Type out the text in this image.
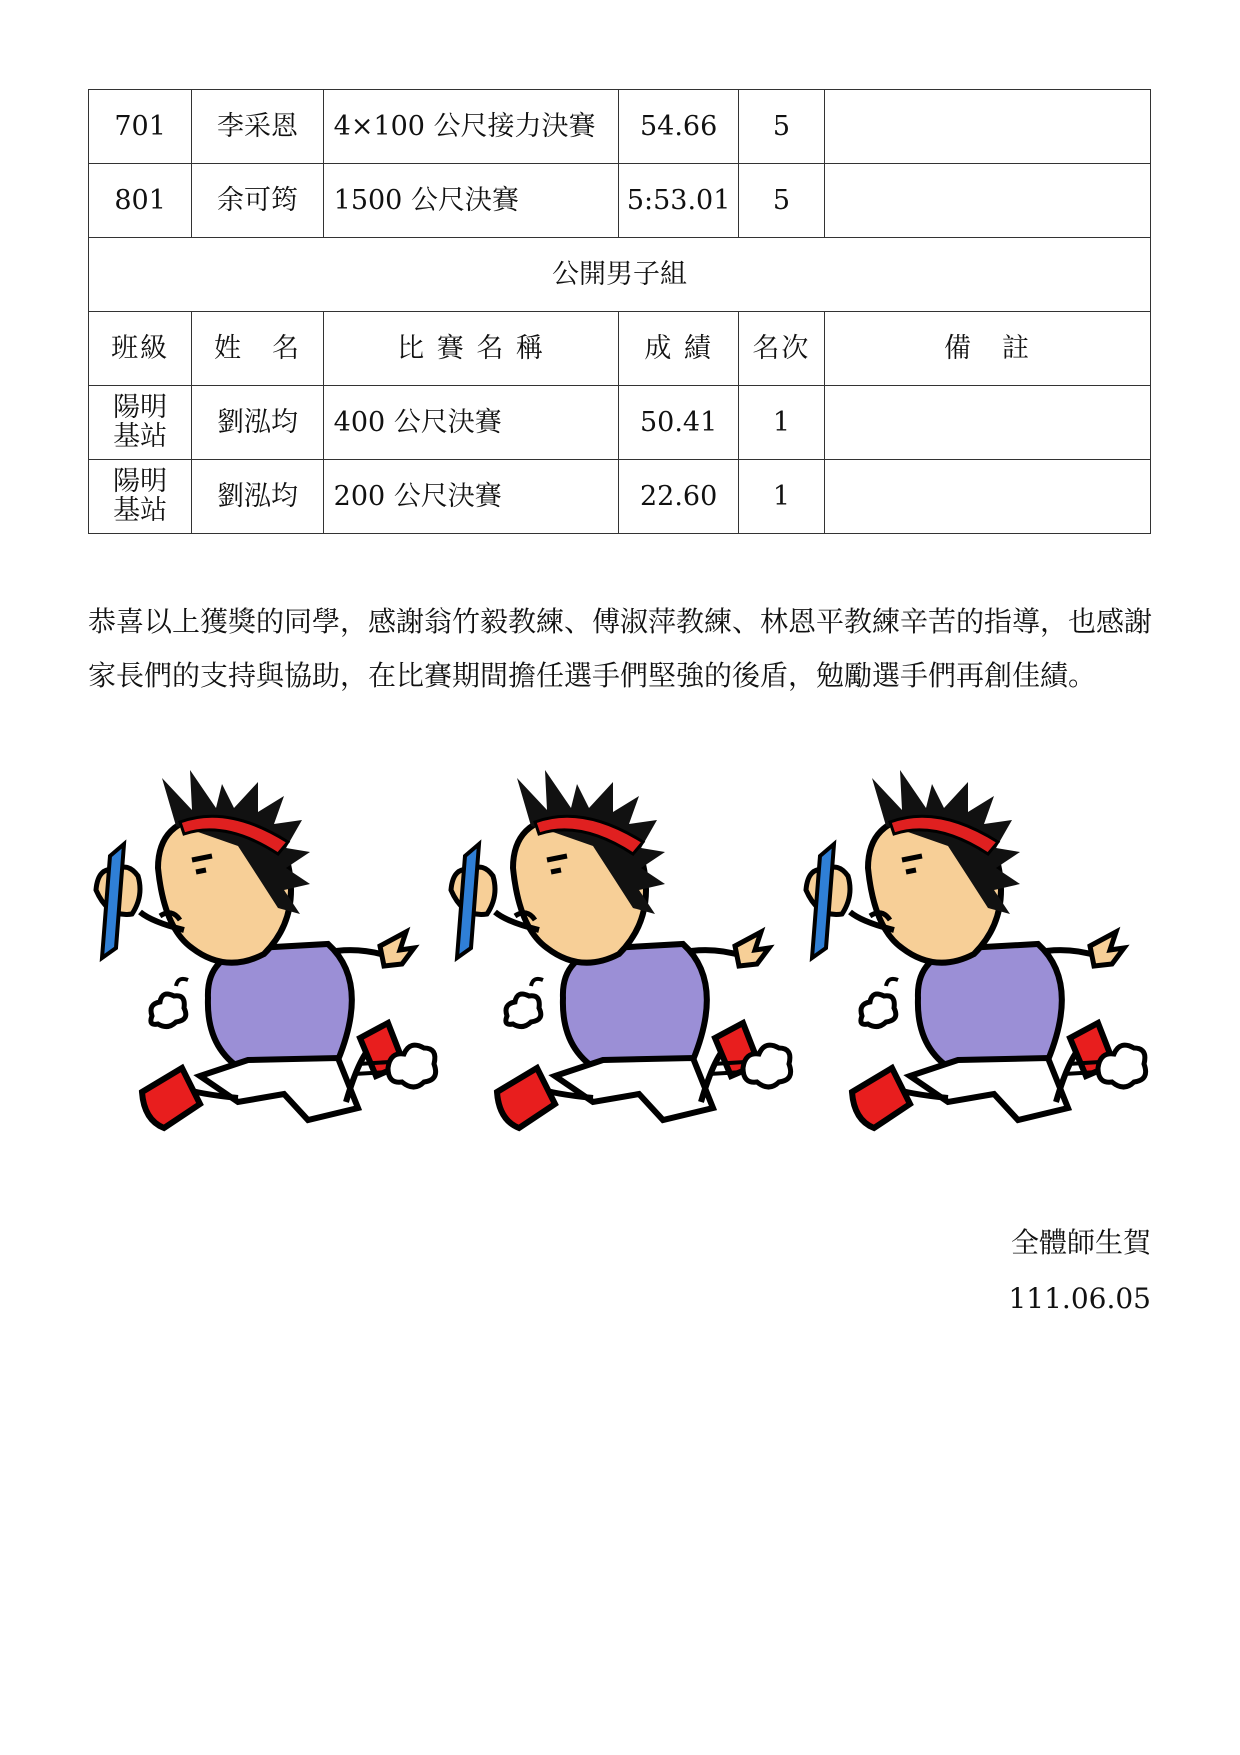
701	李采恩	4×100 公尺接力決賽	54.66	5	
801	余可筠	1500 公尺決賽	5:53.01	5	
公開男子組					
班級	姓　名	比 賽 名 稱	成 績	名次	備　註

陽明
基站	劉泓均	400 公尺決賽	50.41	1	

陽明
基站	劉泓均	200 公尺決賽	22.60	1	

恭喜以上獲獎的同學，感謝翁竹毅教練、傅淑萍教練、林恩平教練辛苦的指導，也感謝家長們的支持與協助，在比賽期間擔任選手們堅強的後盾，勉勵選手們再創佳績。

全體師生賀
111.06.05
